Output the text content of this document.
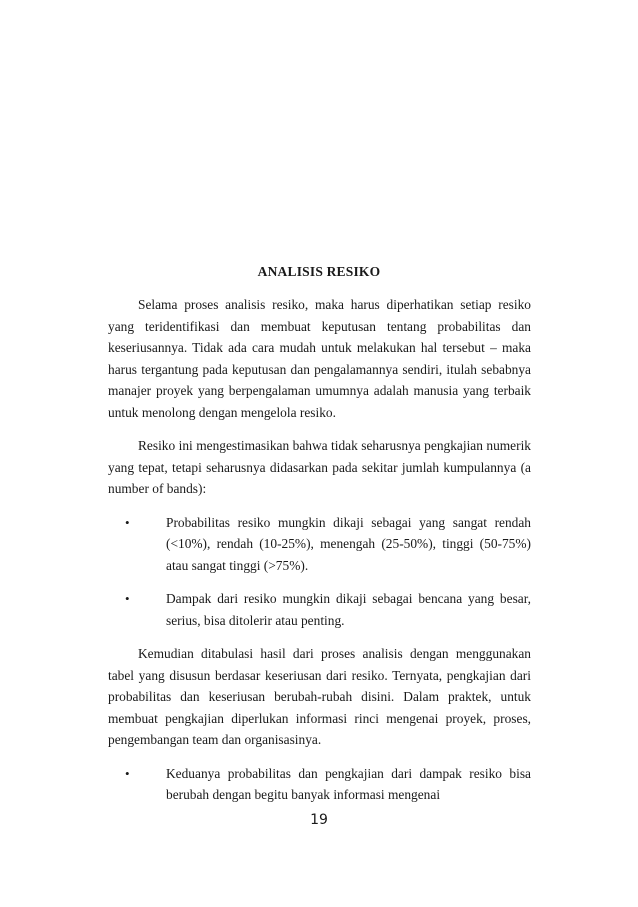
ANALISIS RESIKO

Selama proses analisis resiko, maka harus diperhatikan setiap resiko yang teridentifikasi dan membuat keputusan tentang probabilitas dan keseriusannya. Tidak ada cara mudah untuk melakukan hal tersebut – maka harus tergantung pada keputusan dan pengalamannya sendiri, itulah sebabnya manajer proyek yang berpengalaman umumnya adalah manusia yang terbaik untuk menolong dengan mengelola resiko.

Resiko ini mengestimasikan bahwa tidak seharusnya pengkajian numerik yang tepat, tetapi seharusnya didasarkan pada sekitar jumlah kumpulannya (a number of bands):

•	Probabilitas resiko mungkin dikaji sebagai yang sangat rendah (<10%), rendah (10-25%), menengah (25-50%), tinggi (50-75%) atau sangat tinggi (>75%).
•	Dampak dari resiko mungkin dikaji sebagai bencana yang besar, serius, bisa ditolerir atau penting.

Kemudian ditabulasi hasil dari proses analisis dengan menggunakan tabel yang disusun berdasar keseriusan dari resiko. Ternyata, pengkajian dari probabilitas dan keseriusan berubah-rubah disini. Dalam praktek, untuk membuat pengkajian diperlukan informasi rinci mengenai proyek, proses, pengembangan team dan organisasinya.

•	Keduanya probabilitas dan pengkajian dari dampak resiko bisa berubah dengan begitu banyak informasi mengenai
19
